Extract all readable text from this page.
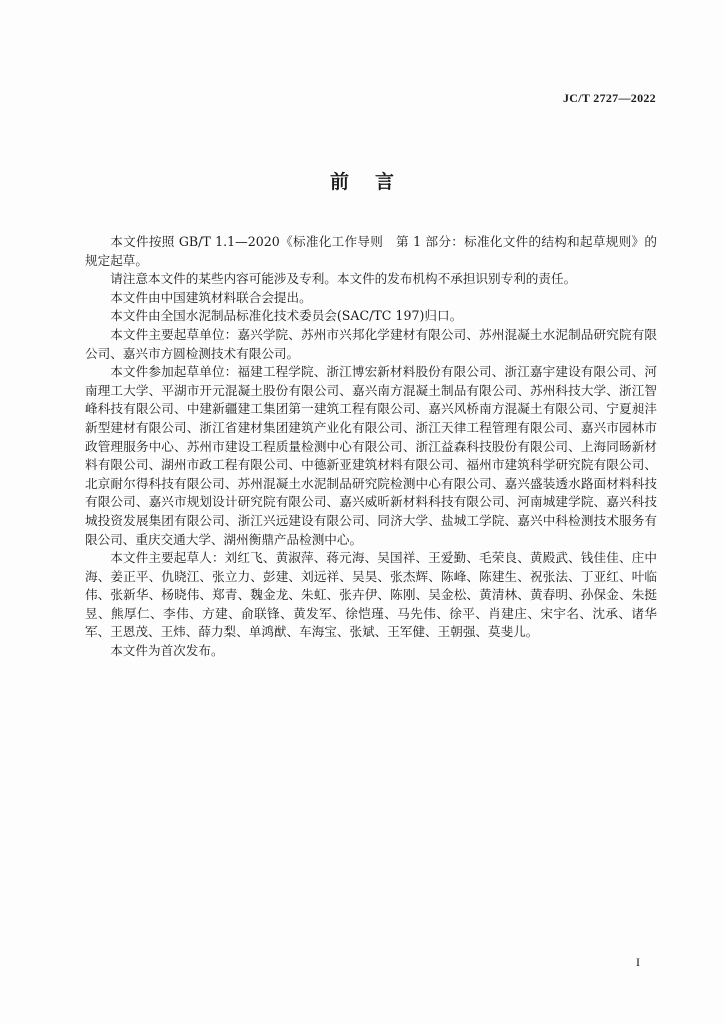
JC/T 2727—2022
前言

本文件按照 GB/T 1.1—2020《标准化工作导则　第 1 部分：标准化文件的结构和起草规则》的规定起草。

请注意本文件的某些内容可能涉及专利。本文件的发布机构不承担识别专利的责任。

本文件由中国建筑材料联合会提出。

本文件由全国水泥制品标准化技术委员会(SAC/TC 197)归口。

本文件主要起草单位：嘉兴学院、苏州市兴邦化学建材有限公司、苏州混凝土水泥制品研究院有限公司、嘉兴市方圆检测技术有限公司。

本文件参加起草单位：福建工程学院、浙江博宏新材料股份有限公司、浙江嘉宇建设有限公司、河南理工大学、平湖市开元混凝土股份有限公司、嘉兴南方混凝土制品有限公司、苏州科技大学、浙江智峰科技有限公司、中建新疆建工集团第一建筑工程有限公司、嘉兴风桥南方混凝土有限公司、宁夏昶沣新型建材有限公司、浙江省建材集团建筑产业化有限公司、浙江天律工程管理有限公司、嘉兴市园林市政管理服务中心、苏州市建设工程质量检测中心有限公司、浙江益森科技股份有限公司、上海同旸新材料有限公司、湖州市政工程有限公司、中德新亚建筑材料有限公司、福州市建筑科学研究院有限公司、北京耐尔得科技有限公司、苏州混凝土水泥制品研究院检测中心有限公司、嘉兴盛装透水路面材料科技有限公司、嘉兴市规划设计研究院有限公司、嘉兴威昕新材料科技有限公司、河南城建学院、嘉兴科技城投资发展集团有限公司、浙江兴远建设有限公司、同济大学、盐城工学院、嘉兴中科检测技术服务有限公司、重庆交通大学、湖州衡鼎产品检测中心。

本文件主要起草人：刘红飞、黄淑萍、蒋元海、吴国祥、王爱勤、毛荣良、黄殿武、钱佳佳、庄中海、姜正平、仇晓江、张立力、彭建、刘远祥、吴昊、张杰辉、陈峰、陈建生、祝张法、丁亚红、叶临伟、张新华、杨晓伟、郑青、魏金龙、朱虹、张卉伊、陈刚、吴金松、黄清林、黄春明、孙保金、朱挺昱、熊厚仁、李伟、方建、俞联锋、黄发军、徐恺瑾、马先伟、徐平、肖建庄、宋宇名、沈承、诸华军、王恩茂、王炜、薛力梨、单鸿猷、车海宝、张斌、王军健、王朝强、莫斐儿。

本文件为首次发布。

I
